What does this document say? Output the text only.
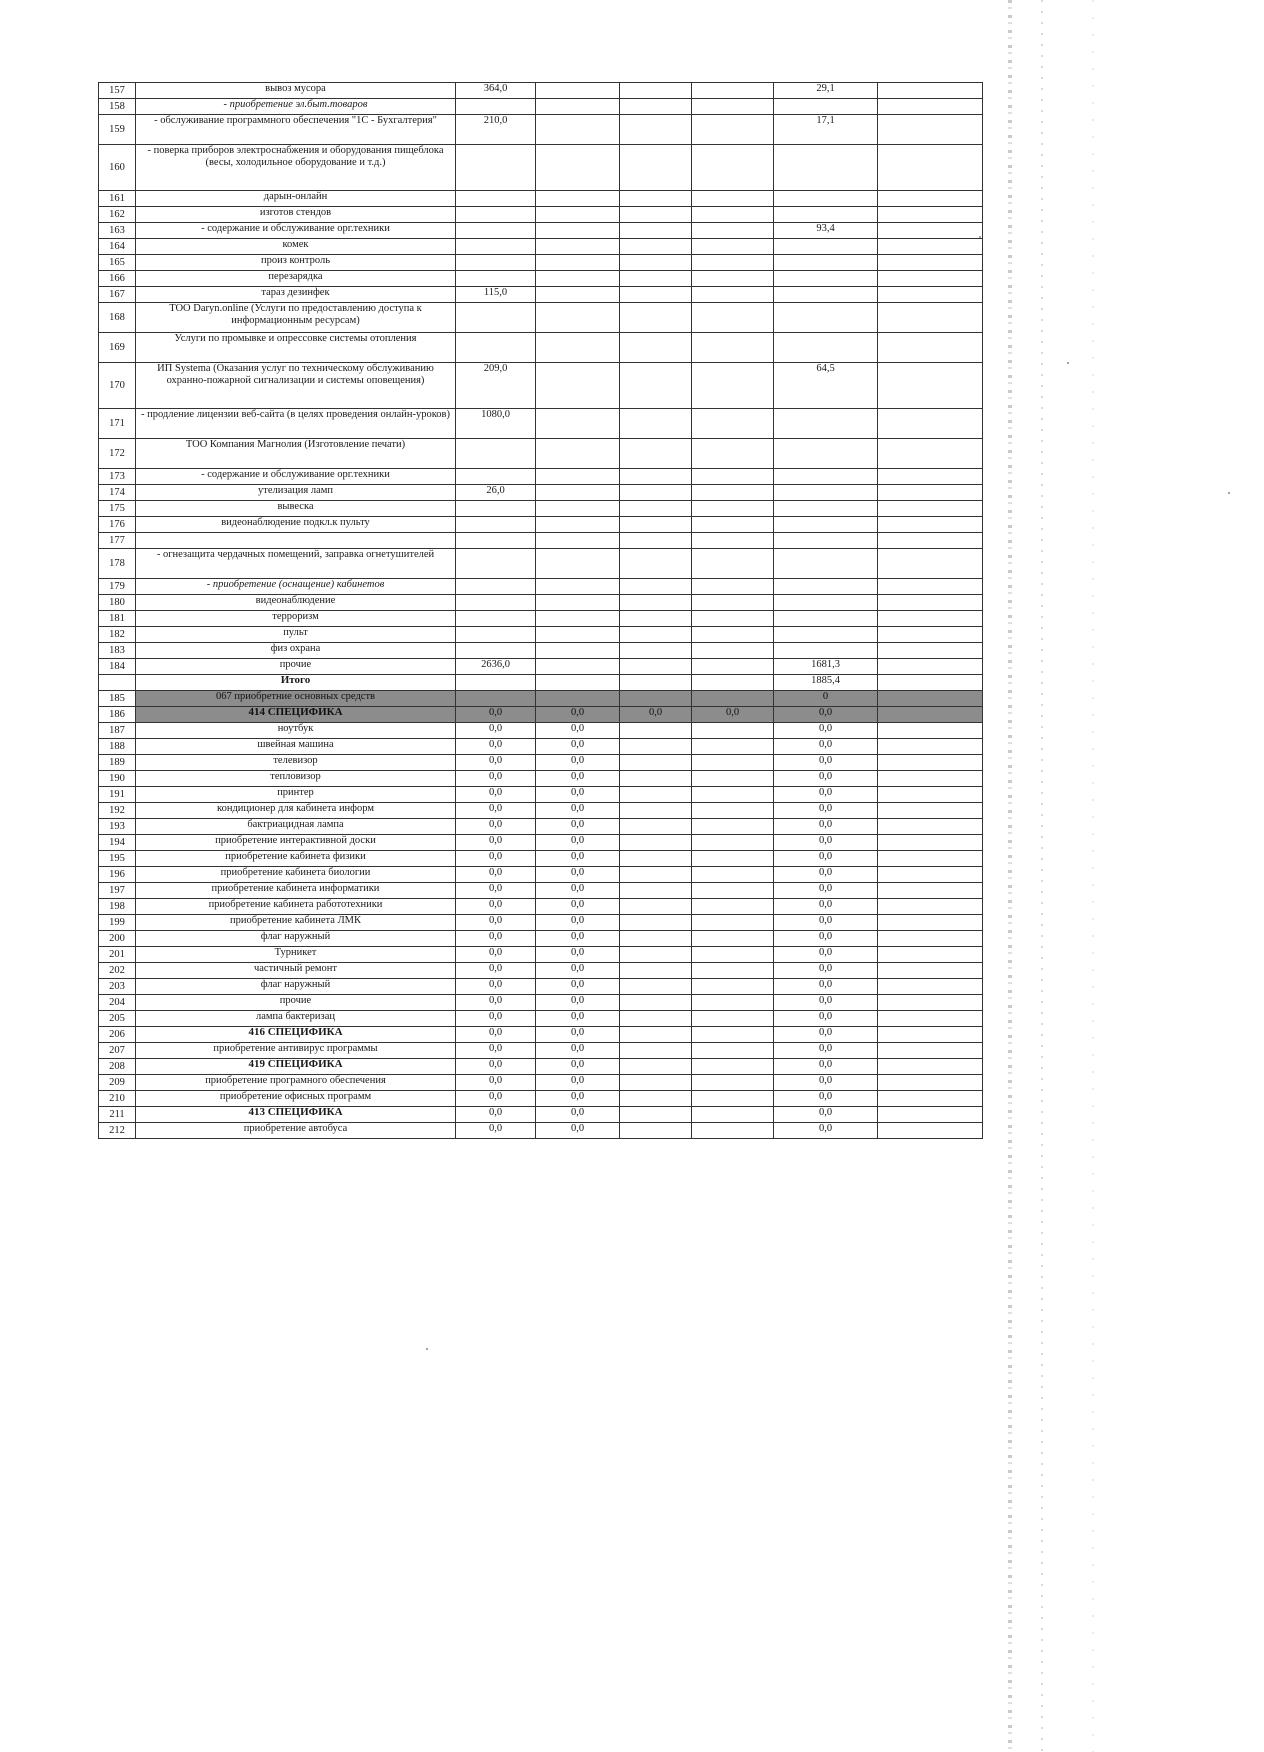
157	вывоз мусора	364,0				29,1	
158	- приобретение эл.быт.товаров						
159	- обслуживание программного обеспечения "1С - Бухгалтерия"	210,0				17,1	
160	- поверка приборов электроснабжения и оборудования пищеблока (весы, холодильное оборудование и т.д.)						
161	дарын-онлайн						
162	изготов стендов						
163	- содержание и обслуживание орг.техники					93,4	
164	комек						
165	произ контроль						
166	перезарядка						
167	тараз дезинфек	115,0					
168	ТОО Daryn.online (Услуги по предоставлению доступа к информационным ресурсам)						
169	Услуги по промывке и опрессовке системы отопления						
170	ИП Systema (Оказания услуг по техническому обслуживанию охранно-пожарной сигнализации и системы оповещения)	209,0				64,5	
171	- продление лицензии веб-сайта (в целях проведения онлайн-уроков)	1080,0					
172	ТОО Компания Магнолия (Изготовление печати)						
173	- содержание и обслуживание орг.техники						
174	утелизация ламп	26,0					
175	вывеска						
176	видеонаблюдение подкл.к пульту						
177							
178	- огнезащита чердачных помещений, заправка огнетушителей						
179	- приобретение (оснащение) кабинетов						
180	видеонаблюдение						
181	терроризм						
182	пульт						
183	физ охрана						
184	прочие	2636,0				1681,3	
	Итого					1885,4	
185	067 приобретние основных средств					0	
186	414 СПЕЦИФИКА	0,0	0,0	0,0	0,0	0,0	
187	ноутбук	0,0	0,0			0,0	
188	швейная машина	0,0	0,0			0,0	
189	телевизор	0,0	0,0			0,0	
190	тепловизор	0,0	0,0			0,0	
191	принтер	0,0	0,0			0,0	
192	кондиционер для кабинета информ	0,0	0,0			0,0	
193	бактриацидная лампа	0,0	0,0			0,0	
194	приобретение интерактивной доски	0,0	0,0			0,0	
195	приобретение кабинета физики	0,0	0,0			0,0	
196	приобретение кабинета биологии	0,0	0,0			0,0	
197	приобретение кабинета информатики	0,0	0,0			0,0	
198	приобретение кабинета работотехники	0,0	0,0			0,0	
199	приобретение кабинета ЛМК	0,0	0,0			0,0	
200	флаг наружный	0,0	0,0			0,0	
201	Турникет	0,0	0,0			0,0	
202	частичный ремонт	0,0	0,0			0,0	
203	флаг наружный	0,0	0,0			0,0	
204	прочие	0,0	0,0			0,0	
205	лампа бактеризац	0,0	0,0			0,0	
206	416 СПЕЦИФИКА	0,0	0,0			0,0	
207	приобретение антивирус программы	0,0	0,0			0,0	
208	419 СПЕЦИФИКА	0,0	0,0			0,0	
209	приобретение програмного обеспечения	0,0	0,0			0,0	
210	приобретение офисных программ	0,0	0,0			0,0	
211	413 СПЕЦИФИКА	0,0	0,0			0,0	
212	приобретение автобуса	0,0	0,0			0,0	
